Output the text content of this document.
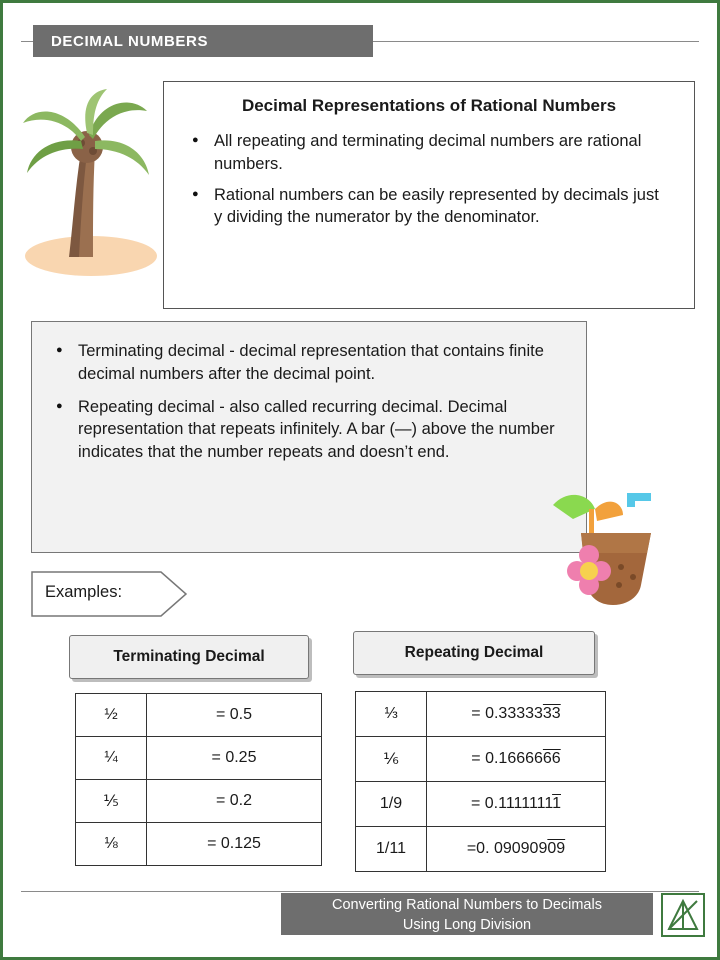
DECIMAL NUMBERS
Decimal Representations of Rational Numbers
● All repeating and terminating decimal numbers are rational numbers.
● Rational numbers can be easily represented by decimals just y dividing the numerator by the denominator.
● Terminating decimal - decimal representation that contains finite decimal numbers after the decimal point.
● Repeating decimal - also called recurring decimal. Decimal representation that repeats infinitely. A bar (—) above the number indicates that the number repeats and doesn’t end.
Examples:
Terminating Decimal
½	= 0.5
¼	= 0.25
⅕	= 0.2
⅛	= 0.125
Repeating Decimal
⅓	= 0.3333333
⅙	= 0.1666666
1/9	= 0.11111111
1/11	=0. 09090909
Converting Rational Numbers to Decimals
Using Long Division
